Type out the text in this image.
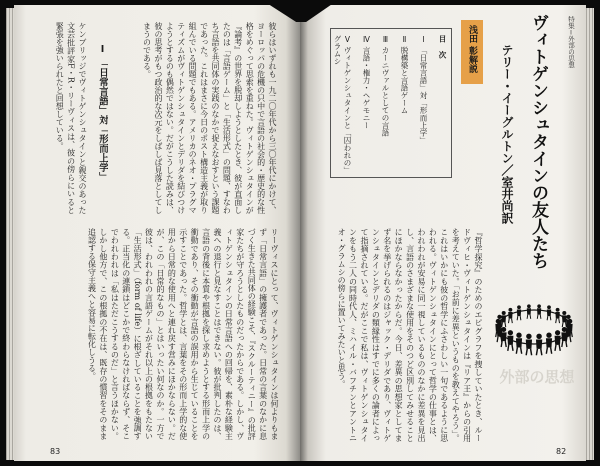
彼らはいずれも一九二〇年代から三〇年代にかけて、ヨーロッパの危機の只中で言語の社会的・歴史的な性格をめぐって思索を重ねた。ヴィトゲンシュタインが『論考』の世界を脱却しようとしたとき、彼が直面したのは「言語ゲーム」と「生活形式」の問題、すなわち言語を共同体の実践のなかで捉えなおすという課題であった。これはまさに今日のポスト構造主義が取り組んでいる問題でもある。アメリカのネオ・プラグマティズムがヴィトゲンシュタインとデリダを結びつけようとするのも偶然ではない。だがこうした読みは、彼の思考がもつ政治的な次元をしばしば見落としてしまうのである。
Ⅰ 「日常言語」対「形而上学」
ケンブリッジでヴィトゲンシュタインと親交のあった文芸批評家F・R・リーヴィスは、彼の傍らにいると緊張を強いられたと回想している。
リーヴィスにとって、ヴィトゲンシュタインは何よりもまず「日常言語」の擁護者であった。日常の言葉のなかに息づく生きた共同体の経験こそ、『スクルーティニー』の批評家たちが守ろうとしたものだったからである。しかし、ヴィトゲンシュタインの日常言語への回帰を、素朴な経験主義への退行と見なすことはできない。彼が批判したのは、言語の背後に本質や根拠を探し求めようとする形而上学の衝動であり、その衝動が言語の誤用から生じていることを示すことであった。哲学とは、言葉をその形而上学的な使用から日常的な使用へと連れ戻す営みにほかならない。だが、この「日常的なもの」とはいったい何なのか。一方で彼は、われわれの言語ゲームがそれ以上の根拠をもたない「生活形式」（form of life）に根ざしていることを強調する。正当化の連鎖はどこかで終わらなければならず、そこでわれわれは「私はただこうするのだ」と言うほかない。しかし他方で、この根拠の不在は、既存の慣習をそのまま追認する保守主義へと容易に転化しうる。
83
特集＝外部の思想
ヴィトゲンシュタインの友人たち
テリー・イーグルトン／室井尚訳
浅田 彰解説
目 次
Ⅰ 「日常言語」対「形而上学」
Ⅱ 脱構築と言語ゲーム
Ⅲ カーニヴァルとしての言語
Ⅳ 言語・権力・ヘゲモニー
Ⅴ ヴィトゲンシュタインと「囚われの」グラムシ
『哲学探究』のためのエピグラフを捜していたとき、ルードヴィヒ・ヴィトゲンシュタインは『リア王』からの引用を考えていた。「お前に差異というものを教えてやろう」。これはいかにも彼の哲学にふさわしい一句であるように思われる。ヴィトゲンシュタインにとって哲学の仕事とは、われわれが安易に同一視しているもののなかに差異を見出し、言語のさまざまな使用をそのつど区別してみせることにほかならなかったからだ。今日、差異の思想家としてまず名を挙げられるのはジャック・デリダであり、ヴィトゲンシュタインとデリダの類縁性はすでに多くの論者によって指摘されている。だがここで私は、ヴィトゲンシュタインをもう二人の同時代人、ミハイル・バフチンとアントニオ・グラムシの傍らに置いてみたいと思う。	外部の思想
82
